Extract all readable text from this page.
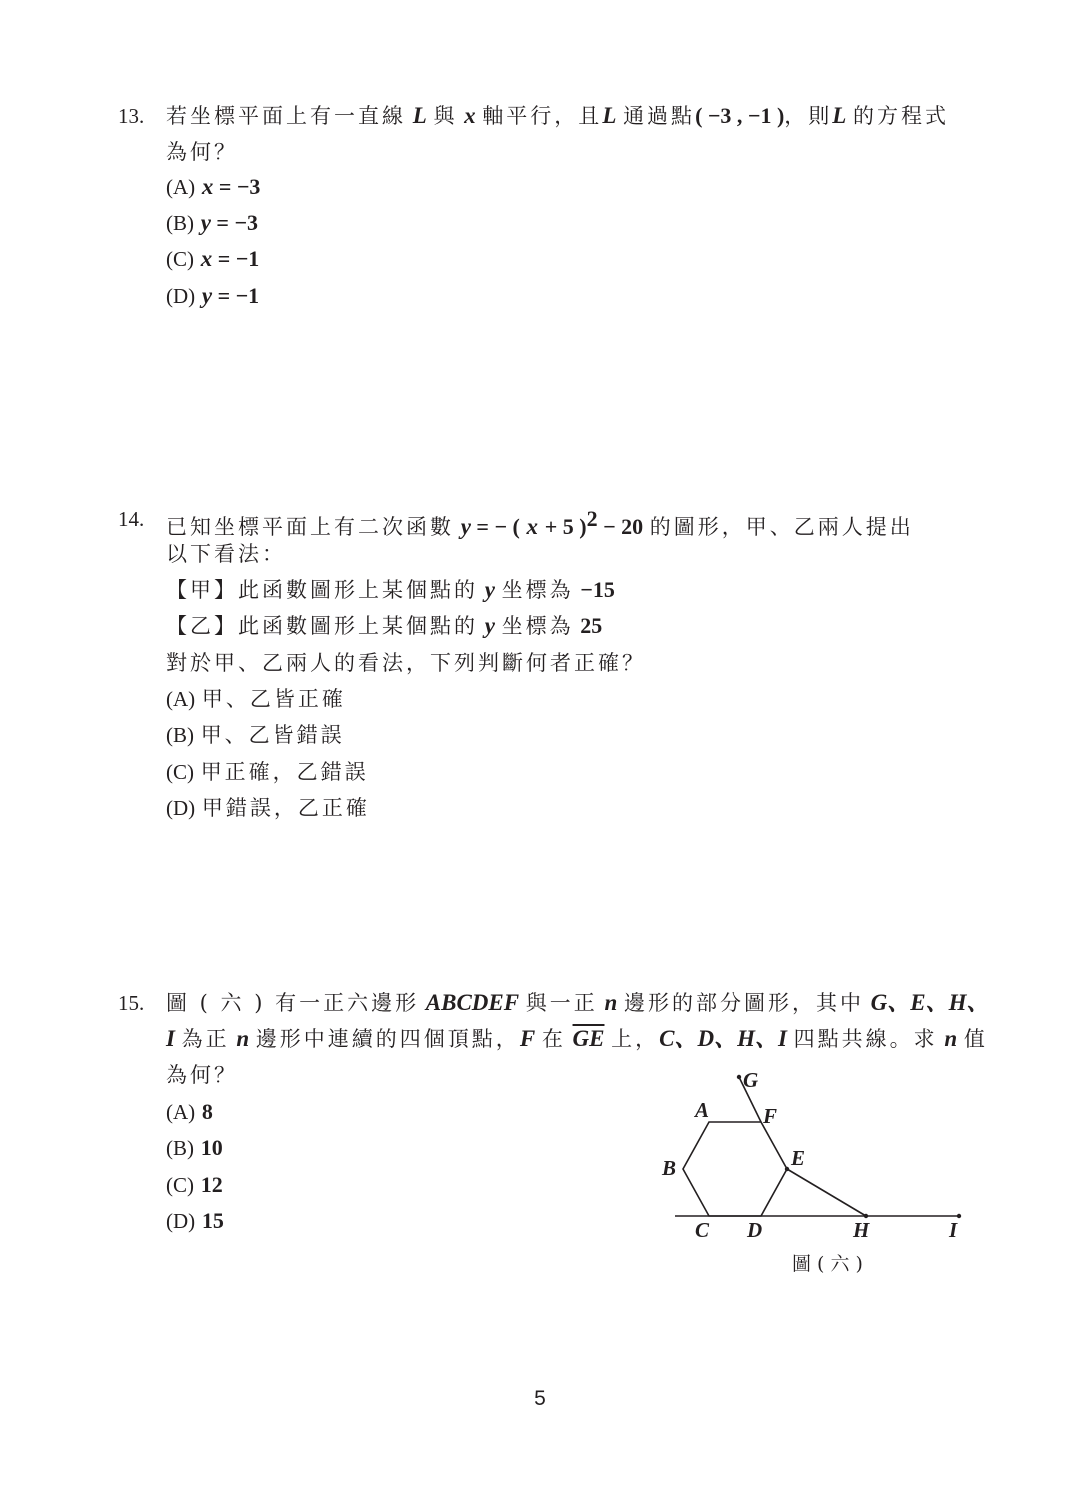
13. 若坐標平面上有一直線 L 與 x 軸平行，且L 通過點( −3 , −1 )，則L 的方程式
為何？
(A) x = −3
(B) y = −3
(C) x = −1
(D) y = −1
14. 已知坐標平面上有二次函數 y = − ( x + 5 )$^2$ − 20 的圖形，甲、乙兩人提出
以下看法：
【甲】此函數圖形上某個點的 y 坐標為 −15
【乙】此函數圖形上某個點的 y 坐標為 25
對於甲、乙兩人的看法，下列判斷何者正確？
(A) 甲、乙皆正確
(B) 甲、乙皆錯誤
(C) 甲正確，乙錯誤
(D) 甲錯誤，乙正確
15. 圖 ( 六 ) 有一正六邊形 ABCDEF 與一正 n 邊形的部分圖形，其中 G、E、H、
I 為正 n 邊形中連續的四個頂點，F 在 $\overline{GE}$ 上，C、D、H、I 四點共線。求 n 值
為何？
(A) 8
(B) 10
(C) 12
(D) 15
G
A	F
B	E
C D	H	I
圖 ( 六 )
5
